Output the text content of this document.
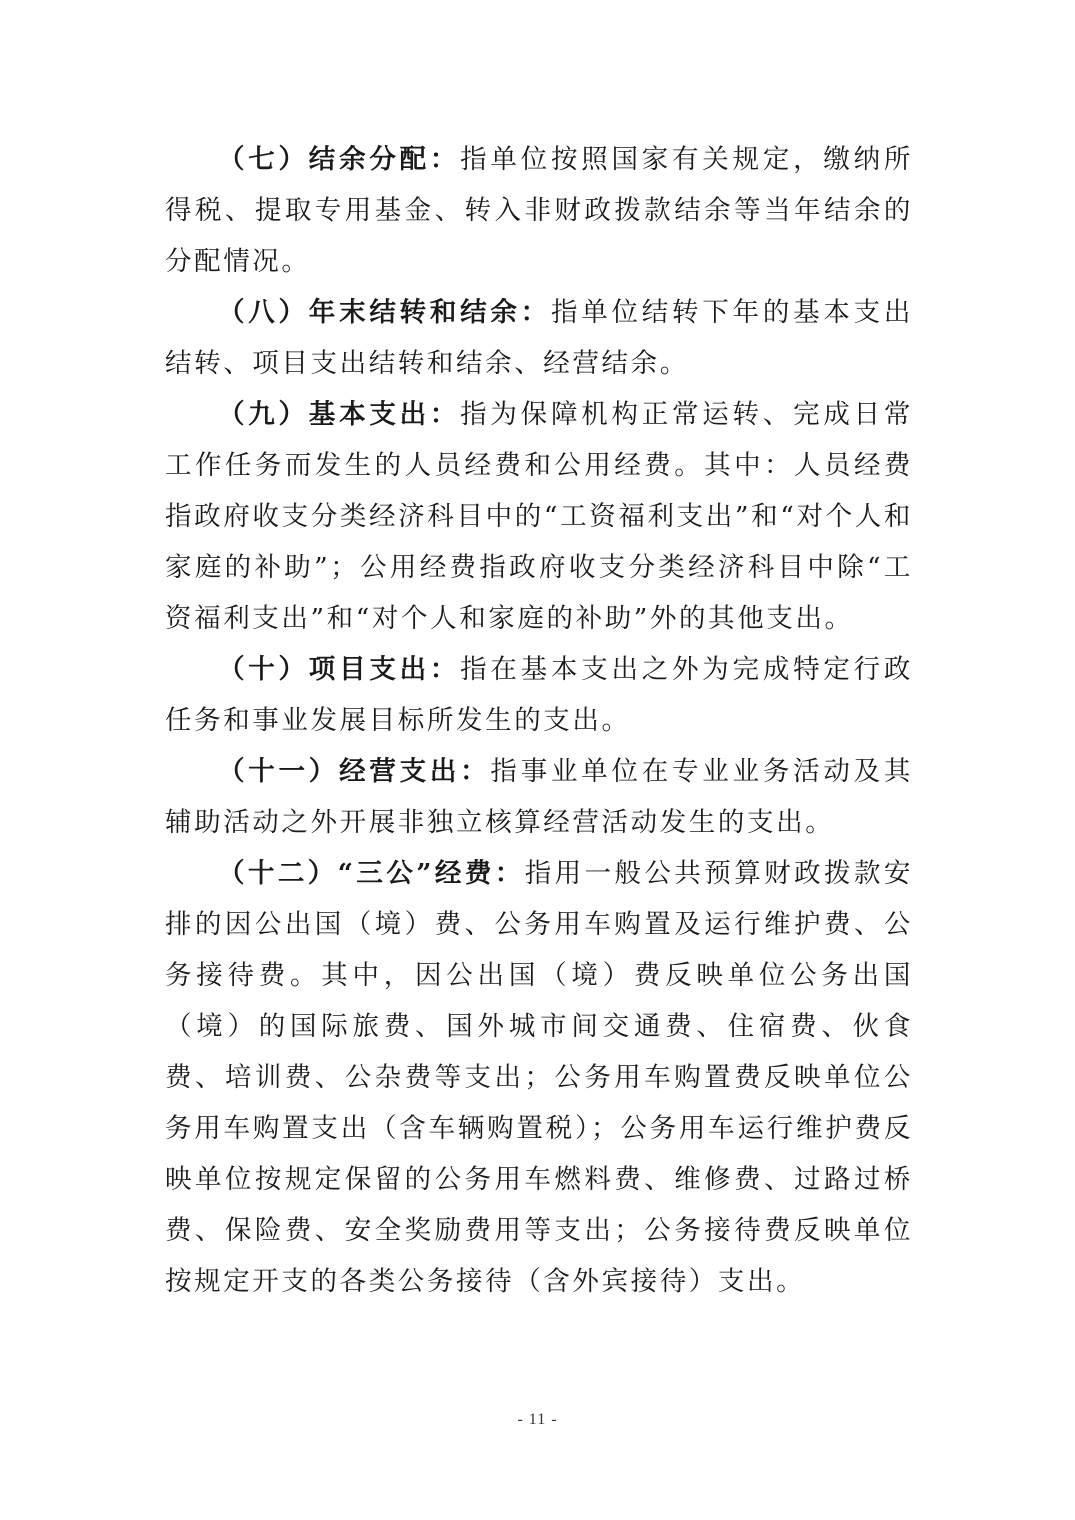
（七）结余分配：指单位按照国家有关规定，缴纳所得税、提取专用基金、转入非财政拨款结余等当年结余的分配情况。

（八）年末结转和结余：指单位结转下年的基本支出结转、项目支出结转和结余、经营结余。

（九）基本支出：指为保障机构正常运转、完成日常工作任务而发生的人员经费和公用经费。其中：人员经费指政府收支分类经济科目中的“工资福利支出”和“对个人和家庭的补助”；公用经费指政府收支分类经济科目中除“工资福利支出”和“对个人和家庭的补助”外的其他支出。

（十）项目支出：指在基本支出之外为完成特定行政任务和事业发展目标所发生的支出。

（十一）经营支出：指事业单位在专业业务活动及其辅助活动之外开展非独立核算经营活动发生的支出。

（十二）“三公”经费：指用一般公共预算财政拨款安排的因公出国（境）费、公务用车购置及运行维护费、公务接待费。其中，因公出国（境）费反映单位公务出国（境）的国际旅费、国外城市间交通费、住宿费、伙食费、培训费、公杂费等支出；公务用车购置费反映单位公务用车购置支出（含车辆购置税）；公务用车运行维护费反映单位按规定保留的公务用车燃料费、维修费、过路过桥费、保险费、安全奖励费用等支出；公务接待费反映单位按规定开支的各类公务接待（含外宾接待）支出。

- 11 -
